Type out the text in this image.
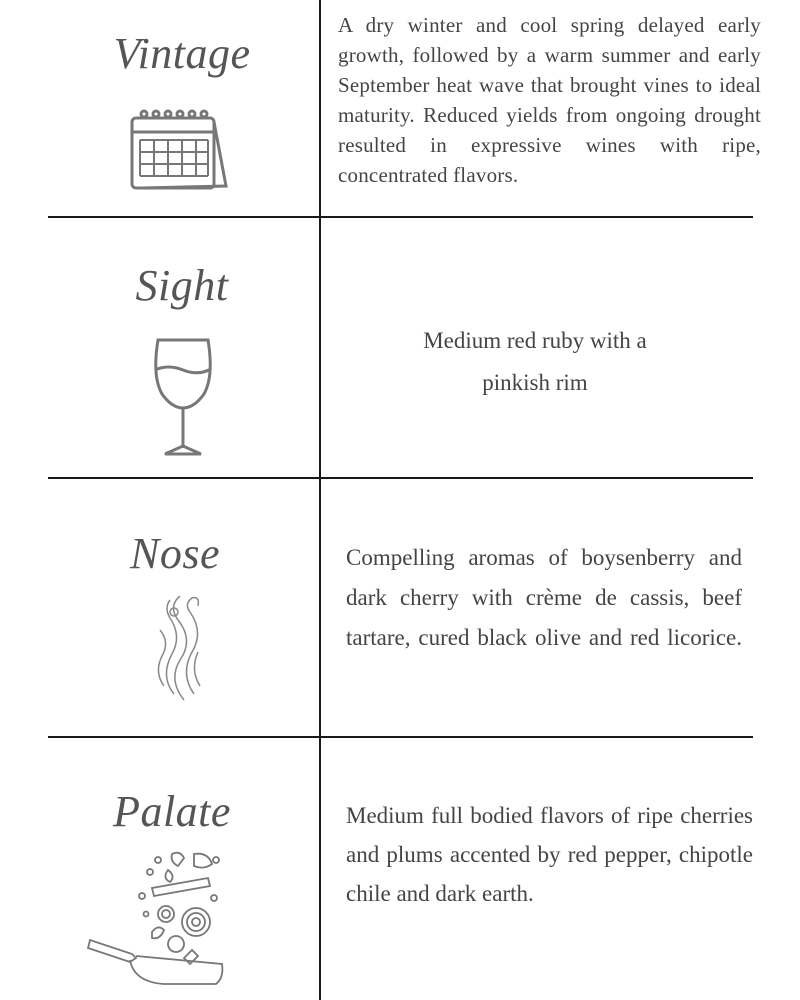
Vintage
A dry winter and cool spring delayed early growth, followed by a warm summer and early September heat wave that brought vines to ideal maturity. Reduced yields from ongoing drought resulted in expressive wines with ripe, concentrated flavors.
Sight
Medium red ruby with a
pinkish rim
Nose	Compelling aromas of boysenberry and dark cherry with crème de cassis, beef tartare, cured black olive and red licorice.
Palate	Medium full bodied flavors of ripe cherries and plums accented by red pepper, chipotle chile and dark earth.
